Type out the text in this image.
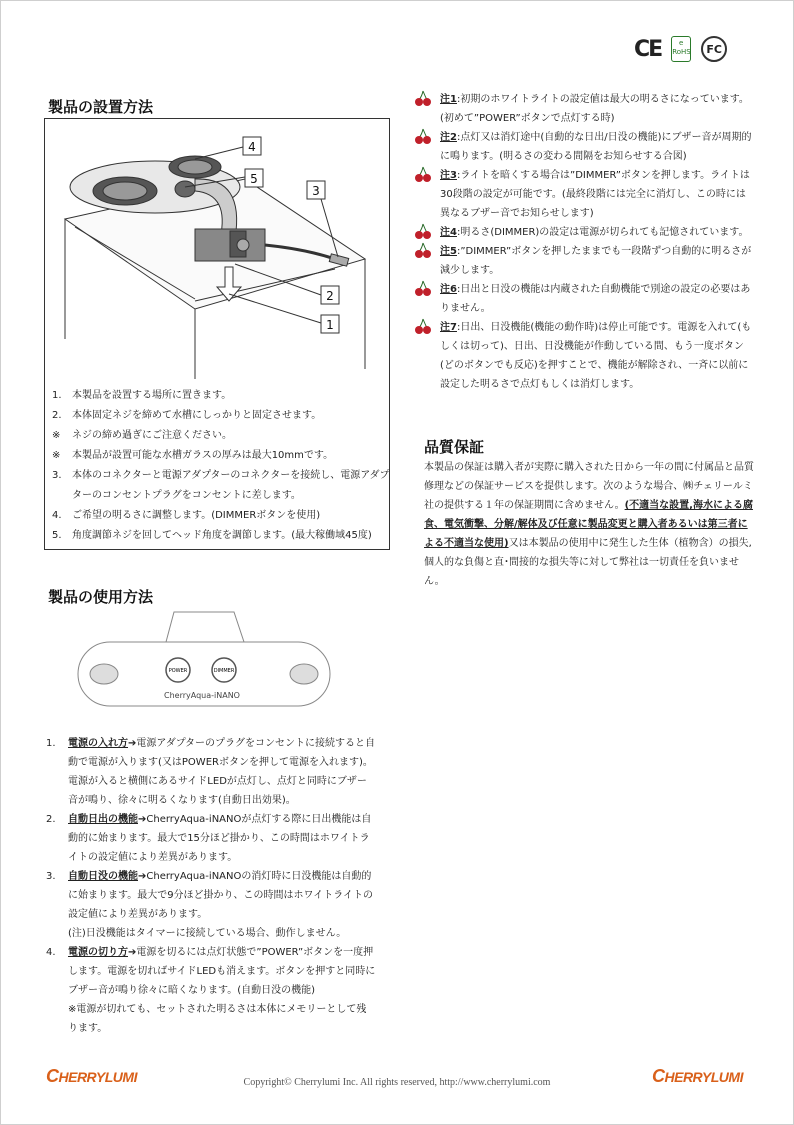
CE	e
RoHS	FC
製品の設置方法
4
5
3
2
1
1.	本製品を設置する場所に置きます。
2.	本体固定ネジを締めて水槽にしっかりと固定させます。
※	ネジの締め過ぎにご注意ください。
※	本製品が設置可能な水槽ガラスの厚みは最大10mmです。
3.	本体のコネクターと電源アダプターのコネクターを接続し、電源アダプターのコンセントプラグをコンセントに差します。
4.	ご希望の明るさに調整します。(DIMMERボタンを使用)
5.	角度調節ネジを回してヘッド角度を調節します。(最大稼働域45度)
製品の使用方法
POWER	DIMMER
CherryAqua-iNANO
1.	電源の入れ方➔電源アダプターのプラグをコンセントに接続すると自動で電源が入ります(又はPOWERボタンを押して電源を入れます)。電源が入ると横側にあるサイドLEDが点灯し、点灯と同時にブザー音が鳴り、徐々に明るくなります(自動日出効果)。
2.	自動日出の機能➔CherryAqua-iNANOが点灯する際に日出機能は自動的に始まります。最大で15分ほど掛かり、この時間はホワイトライトの設定値により差異があります。
3.	自動日没の機能➔CherryAqua-iNANOの消灯時に日没機能は自動的に始まります。最大で9分ほど掛かり、この時間はホワイトライトの設定値により差異があります。
(注)日没機能はタイマーに接続している場合、動作しません。
4.	電源の切り方➔電源を切るには点灯状態で”POWER”ボタンを一度押します。電源を切ればサイドLEDも消えます。ボタンを押すと同時にブザー音が鳴り徐々に暗くなります。(自動日没の機能)
※電源が切れても、セットされた明るさは本体にメモリーとして残ります。
注1:初期のホワイトライトの設定値は最大の明るさになっています。(初めて”POWER”ボタンで点灯する時)
注2:点灯又は消灯途中(自動的な日出/日没の機能)にブザー音が周期的に鳴ります。(明るさの変わる間隔をお知らせする合図)
注3:ライトを暗くする場合は”DIMMER”ボタンを押します。ライトは30段階の設定が可能です。(最終段階には完全に消灯し、この時には異なるブザー音でお知らせします)
注4:明るさ(DIMMER)の設定は電源が切られても記憶されています。
注5:”DIMMER”ボタンを押したままでも一段階ずつ自動的に明るさが減少します。
注6:日出と日没の機能は内蔵された自動機能で別途の設定の必要はありません。
注7:日出、日没機能(機能の動作時)は停止可能です。電源を入れて(もしくは切って)、日出、日没機能が作動している間、もう一度ボタン(どのボタンでも反応)を押すことで、機能が解除され、一斉に以前に設定した明るさで点灯もしくは消灯します。
品質保証
本製品の保証は購入者が実際に購入された日から一年の間に付属品と品質修理などの保証サービスを提供します。次のような場合、㈱チェリールミ社の提供する１年の保証期間に含めません。(不適当な設置,海水による腐食、電気衝撃、分解/解体及び任意に製品変更と購入者あるいは第三者による不適当な使用)又は本製品の使用中に発生した生体（植物含）の損失,個人的な負傷と直･間接的な損失等に対して弊社は一切責任を負いません。
CHERRYLUMI	Copyright© Cherrylumi Inc. All rights reserved, http://www.cherrylumi.com	CHERRYLUMI
